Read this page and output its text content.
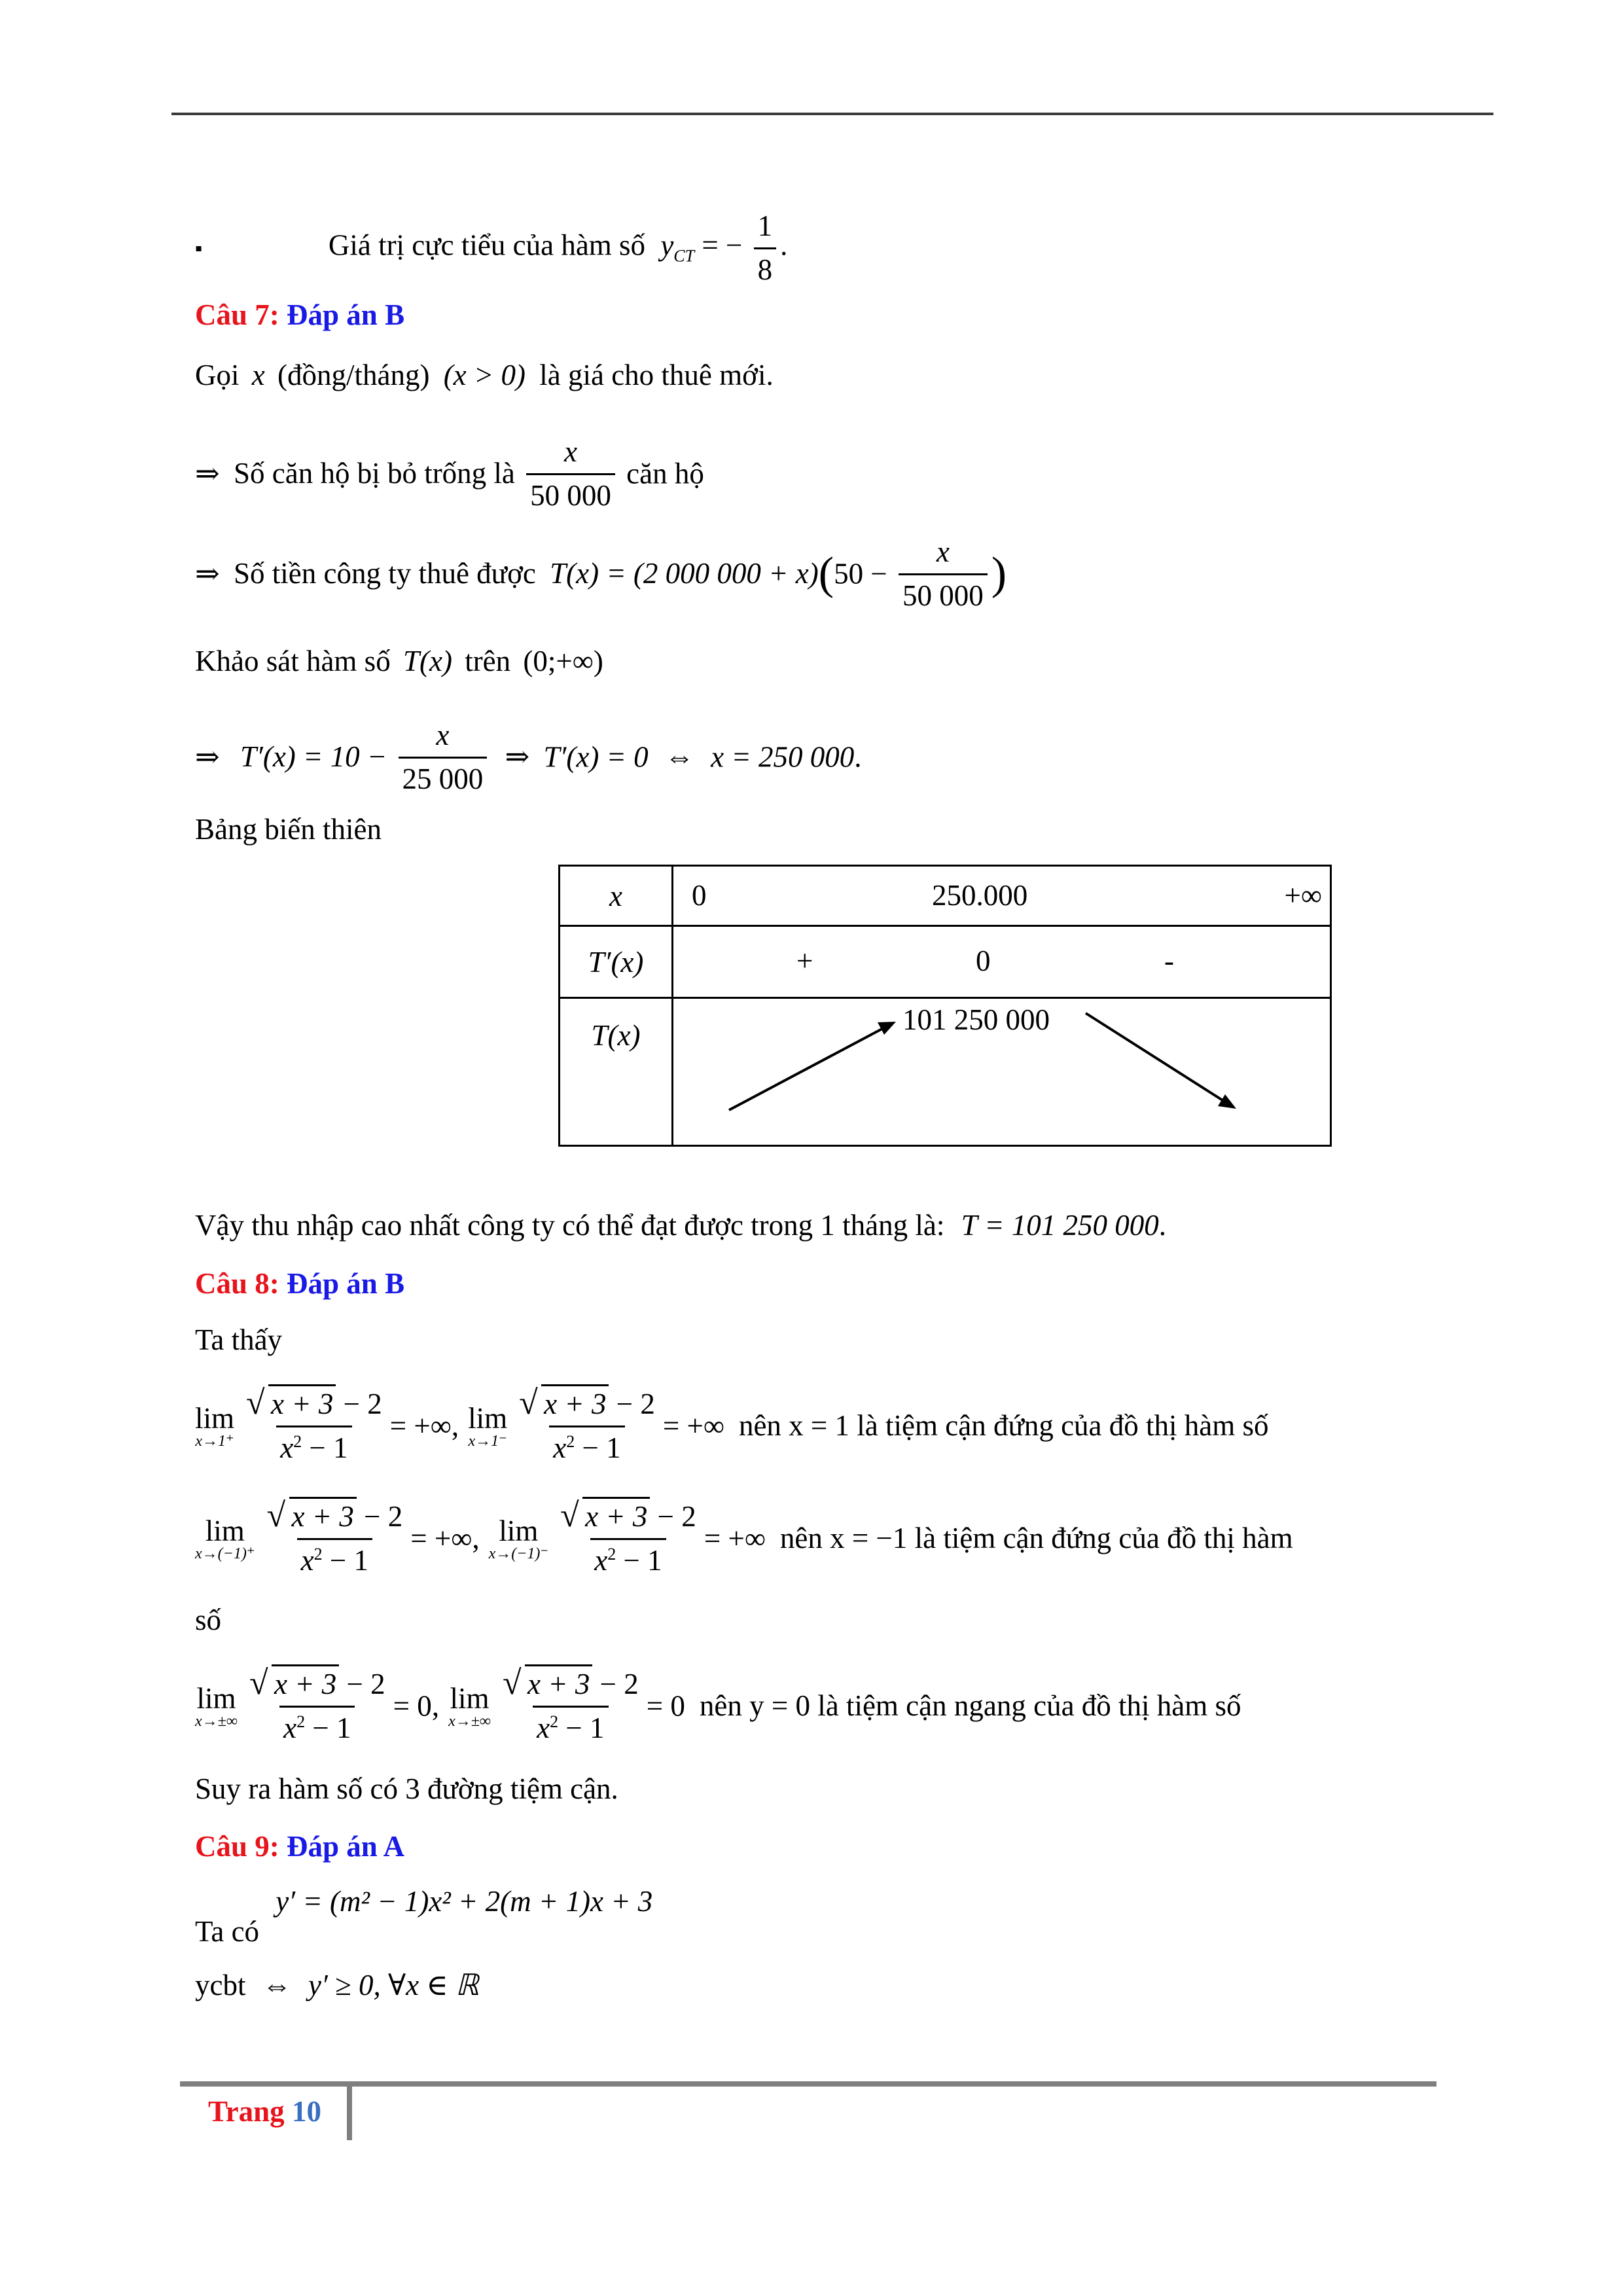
▪	Giá trị cực tiểu của hàm số $y_{CT}$ = − $\frac{1}{8}$ .
Câu 7: Đáp án B
Gọi x (đồng/tháng) (x > 0) là giá cho thuê mới.
⇒ Số căn hộ bị bỏ trống là $\frac{x}{50 000}$ căn hộ
⇒ Số tiền công ty thuê được T(x) = (2 000 $000 + x)(50 - \frac{x}{50 000}$ )
Khảo sát hàm số T(x) trên (0;+∞)
⇒ $T'(x) = 10 - \frac{x}{25 000}$ ⇒ T′(x) = 0 ⇔ x = 250 000.
Bảng biến thiên
x	0 250.000 +∞

T′(x)	+ 0 -

T(x)	101 250 000
Vậy thu nhập cao nhất công ty có thể đạt được trong 1 tháng là: T = 101 250 000.
Câu 8: Đáp án B
Ta thấy
lim
$x\to 1^+ \frac{√ x + 3 - 2}{x^2 - 1}$ = +∞, lim
$x\to 1^- \frac{√ x + 3 - 2}{x^2 - 1}$ = +∞ nên x = 1 là tiệm cận đứng của đồ thị hàm số
lim
$x\to(-1)^+ \frac{√ x + 3 - 2}{x^2 - 1}$ = +∞, lim
$x\to(-1)^- \frac{√ x + 3 - 2}{x^2 - 1}$ = +∞ nên x = −1 là tiệm cận đứng của đồ thị hàm
số
lim
$x\to\pm\infty \frac{√ x + 3 - 2}{x^2 - 1} = 0$, lim
$x\to\pm\infty \frac{√ x + 3 - 2}{x^2 - 1} = 0$ nên y = 0 là tiệm cận ngang của đồ thị hàm số
Suy ra hàm số có 3 đường tiệm cận.
Câu 9: Đáp án A
Ta có y′ = (m² − 1)x² + 2(m + 1)x + 3
ycbt ⇔ y′ ≥ 0, ∀x ∈ ℝ
Trang 10
